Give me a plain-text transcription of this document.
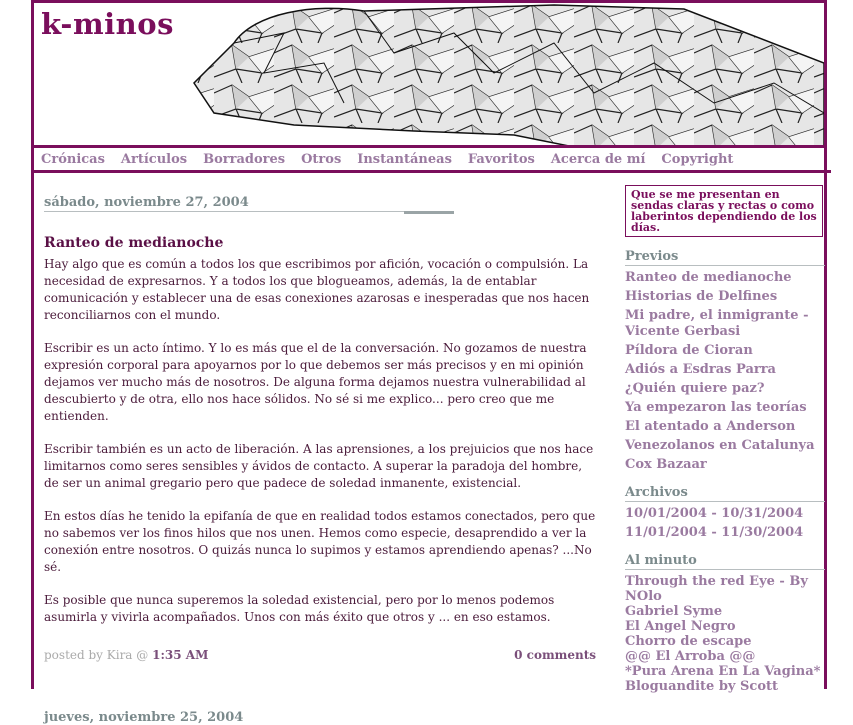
k-minos
Crónicas Artículos Borradores Otros Instantáneas Favoritos Acerca de mí Copyright
sábado, noviembre 27, 2004
Ranteo de medianoche

Hay algo que es común a todos los que escribimos por afición, vocación o compulsión. La necesidad de expresarnos. Y a todos los que blogueamos, además, la de entablar comunicación y establecer una de esas conexiones azarosas e inesperadas que nos hacen reconciliarnos con el mundo.

Escribir es un acto íntimo. Y lo es más que el de la conversación. No gozamos de nuestra expresión corporal para apoyarnos por lo que debemos ser más precisos y en mi opinión dejamos ver mucho más de nosotros. De alguna forma dejamos nuestra vulnerabilidad al descubierto y de otra, ello nos hace sólidos. No sé si me explico... pero creo que me entienden.

Escribir también es un acto de liberación. A las aprensiones, a los prejuicios que nos hace limitarnos como seres sensibles y ávidos de contacto. A superar la paradoja del hombre, de ser un animal gregario pero que padece de soledad inmanente, existencial.

En estos días he tenido la epifanía de que en realidad todos estamos conectados, pero que no sabemos ver los finos hilos que nos unen. Hemos como especie, desaprendido a ver la conexión entre nosotros. O quizás nunca lo supimos y estamos aprendiendo apenas? ...No sé.

Es posible que nunca superemos la soledad existencial, pero por lo menos podemos asumirla y vivirla acompañados. Unos con más éxito que otros y ... en eso estamos.

posted by Kira @ 1:35 AM	0 comments
jueves, noviembre 25, 2004
Que se me presentan en sendas claras y rectas o como laberintos dependiendo de los días.
Previos
Ranteo de medianoche
Historias de Delfines
Mi padre, el inmigrante - Vicente Gerbasi
Píldora de Cioran
Adiós a Esdras Parra
¿Quién quiere paz?
Ya empezaron las teorías
El atentado a Anderson
Venezolanos en Catalunya
Cox Bazaar
Archivos
10/01/2004 - 10/31/2004
11/01/2004 - 11/30/2004
Al minuto
Through the red Eye - By NOlo
Gabriel Syme
El Angel Negro
Chorro de escape
@@ El Arroba @@
*Pura Arena En La Vagina*
Bloguandite by Scott
